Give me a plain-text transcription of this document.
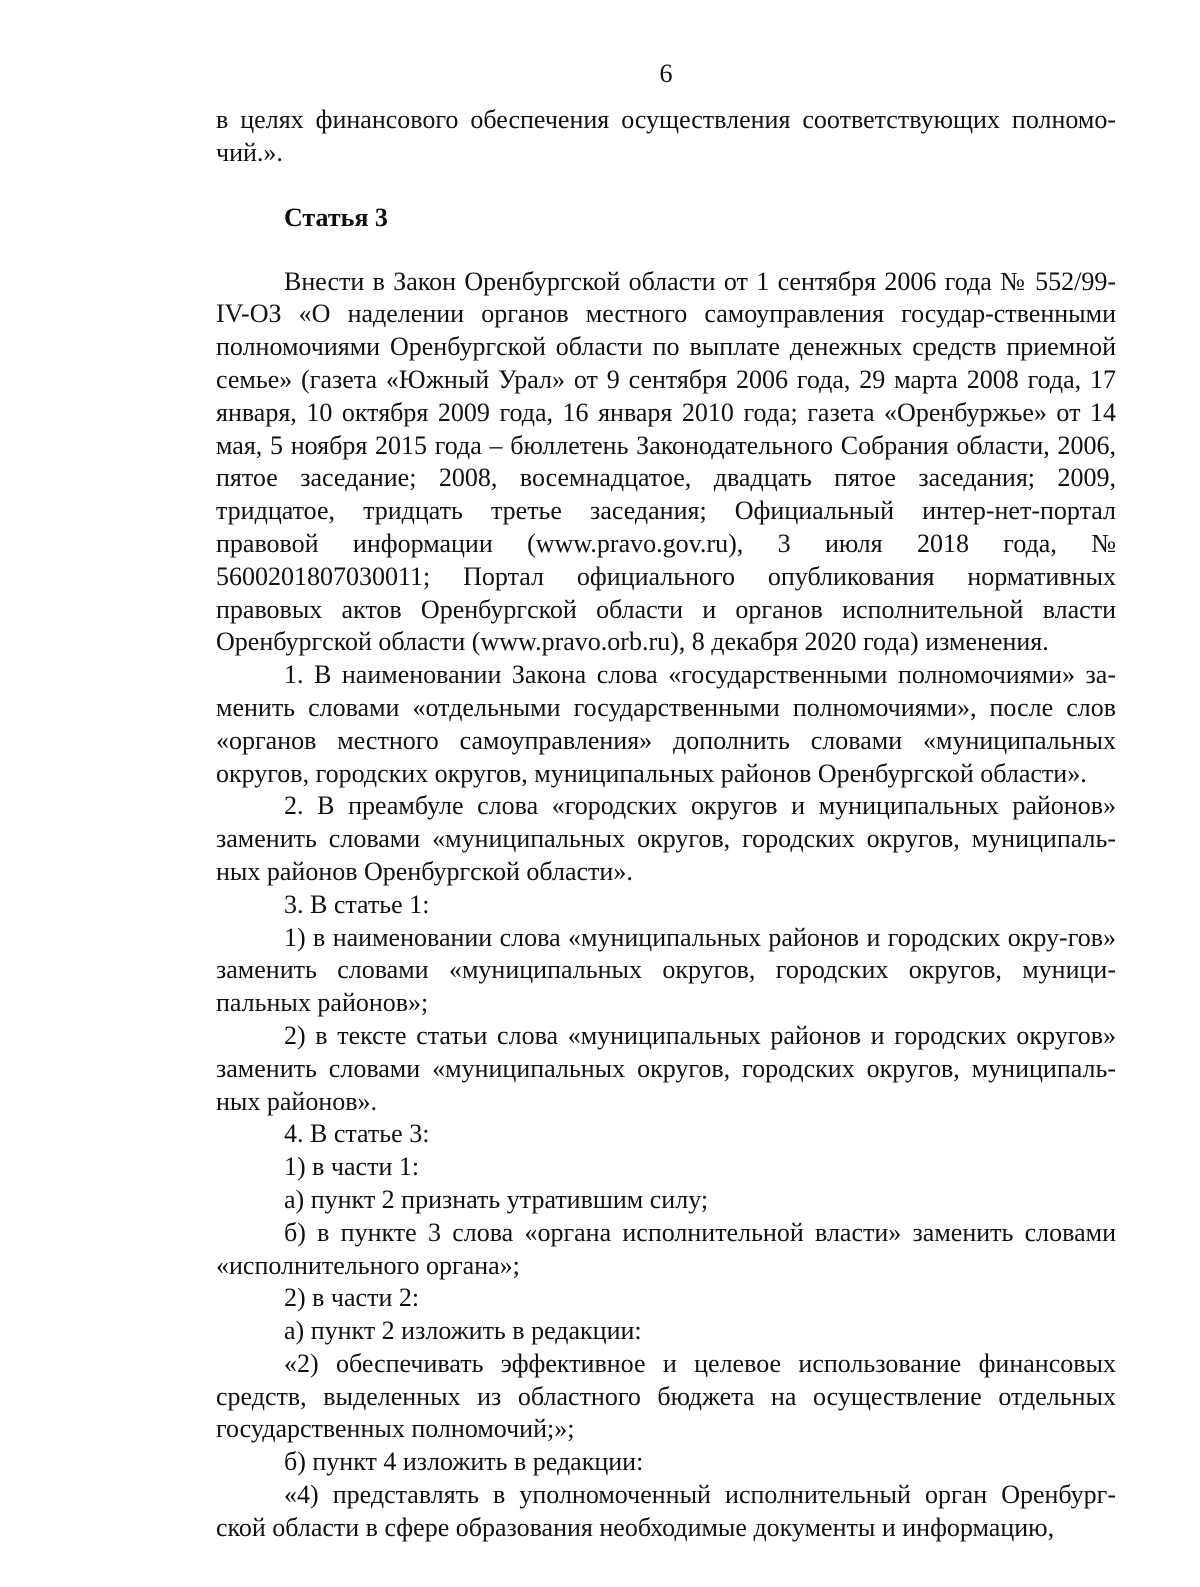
6

в целях финансового обеспечения осуществления соответствующих полномо-чий.».

Статья 3

Внести в Закон Оренбургской области от 1 сентября 2006 года № 552/99-IV-ОЗ «О наделении органов местного самоуправления государ-ственными полномочиями Оренбургской области по выплате денежных средств приемной семье» (газета «Южный Урал» от 9 сентября 2006 года, 29 марта 2008 года, 17 января, 10 октября 2009 года, 16 января 2010 года; газета «Оренбуржье» от 14 мая, 5 ноября 2015 года – бюллетень Законодательного Собрания области, 2006, пятое заседание; 2008, восемнадцатое, двадцать пятое заседания; 2009, тридцатое, тридцать третье заседания; Официальный интер-нет-портал правовой информации (www.pravo.gov.ru), 3 июля 2018 года, № 5600201807030011; Портал официального опубликования нормативных правовых актов Оренбургской области и органов исполнительной власти Оренбургской области (www.pravo.orb.ru), 8 декабря 2020 года) изменения.

1. В наименовании Закона слова «государственными полномочиями» за-менить словами «отдельными государственными полномочиями», после слов «органов местного самоуправления» дополнить словами «муниципальных округов, городских округов, муниципальных районов Оренбургской области».

2. В преамбуле слова «городских округов и муниципальных районов» заменить словами «муниципальных округов, городских округов, муниципаль-ных районов Оренбургской области».

3. В статье 1:

1) в наименовании слова «муниципальных районов и городских окру-гов» заменить словами «муниципальных округов, городских округов, муници-пальных районов»;

2) в тексте статьи слова «муниципальных районов и городских округов» заменить словами «муниципальных округов, городских округов, муниципаль-ных районов».

4. В статье 3:

1) в части 1:

а) пункт 2 признать утратившим силу;

б) в пункте 3 слова «органа исполнительной власти» заменить словами «исполнительного органа»;

2) в части 2:

а) пункт 2 изложить в редакции:

«2) обеспечивать эффективное и целевое использование финансовых средств, выделенных из областного бюджета на осуществление отдельных государственных полномочий;»;

б) пункт 4 изложить в редакции:

«4) представлять в уполномоченный исполнительный орган Оренбург-ской области в сфере образования необходимые документы и информацию,
